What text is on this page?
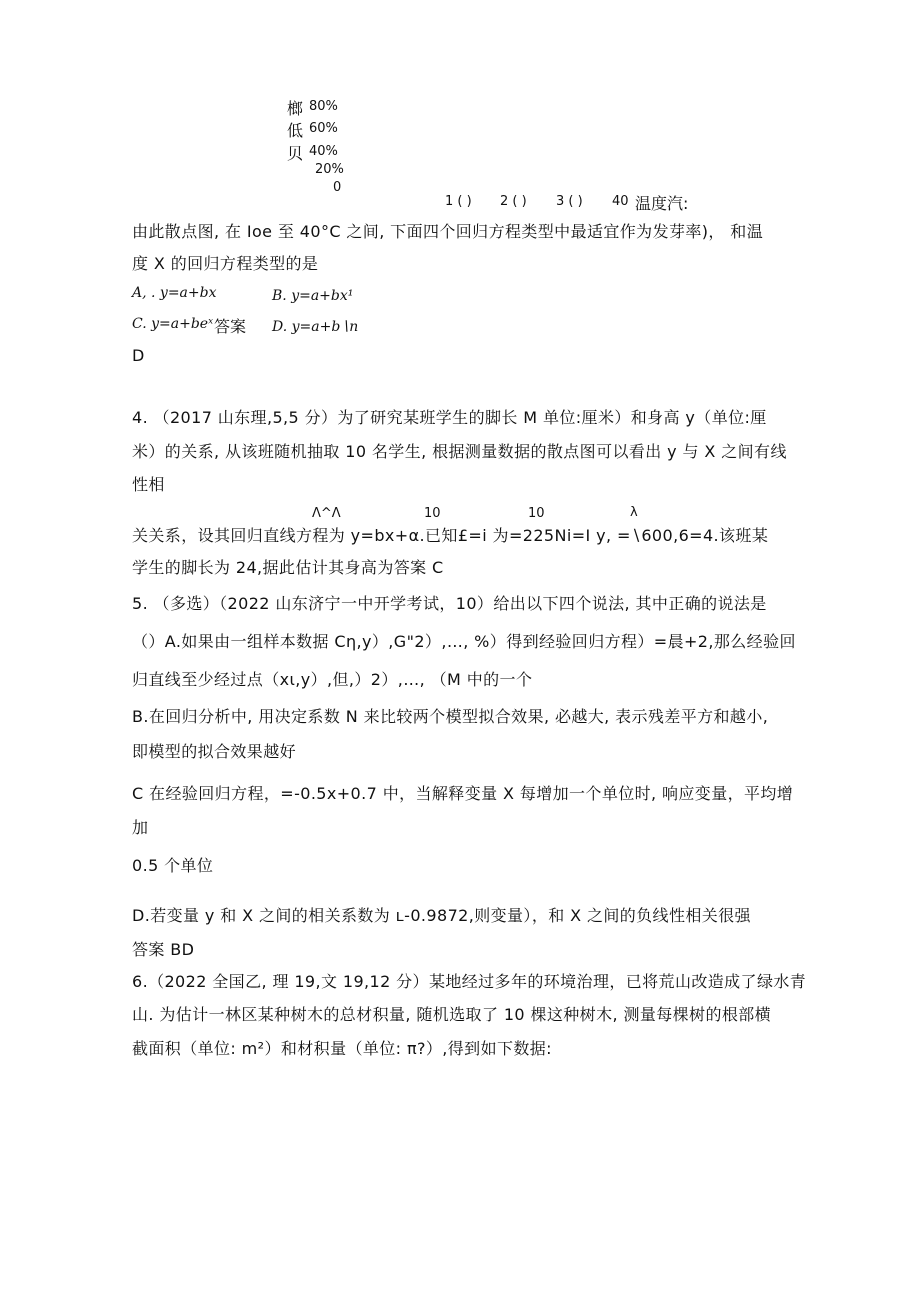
榔
低
贝
80%
60%
40%
20%
0
1 ( ) 2 ( ) 3 ( ) 40 温度汽:
由此散点图, 在 Ioe 至 40°C 之间, 下面四个回归方程类型中最适宜作为发芽率)， 和温
度 X 的回归方程类型的是
A, . y=a+bx	B. y=a+bx¹
C. y=a+beˣ 答案 D. y=a+b∖n
D
4. （2017 山东理,5,5 分）为了研究某班学生的脚长 M 单位:厘米）和身高 y（单位:厘
米）的关系, 从该班随机抽取 10 名学生, 根据测量数据的散点图可以看出 y 与 X 之间有线
性相
Λ^Λ	10	10	λ
关关系，设其回归直线方程为 y=bx+α.已知£=i 为=225Ni=I y, =∖600,6=4.该班某
学生的脚长为 24,据此估计其身高为答案 C
5. （多选）（2022 山东济宁一中开学考试，10）给出以下四个说法, 其中正确的说法是
（）A.如果由一组样本数据 Cη,y）,G"2）,…, %）得到经验回归方程）=晨+2,那么经验回
归直线至少经过点（xι,y）,但,）2）,…, （M 中的一个
B.在回归分析中, 用决定系数 N 来比较两个模型拟合效果, 必越大, 表示残差平方和越小,
即模型的拟合效果越好
C 在经验回归方程，=-0.5x+0.7 中，当解释变量 X 每增加一个单位时, 响应变量，平均增
加
0.5 个单位
D.若变量 y 和 X 之间的相关系数为 ʟ-0.9872,则变量），和 X 之间的负线性相关很强
答案 BD
6.（2022 全国乙, 理 19,文 19,12 分）某地经过多年的环境治理，已将荒山改造成了绿水青
山. 为估计一林区某种树木的总材积量, 随机选取了 10 棵这种树木, 测量每棵树的根部横
截面积（单位: m²）和材积量（单位: π?）,得到如下数据:
